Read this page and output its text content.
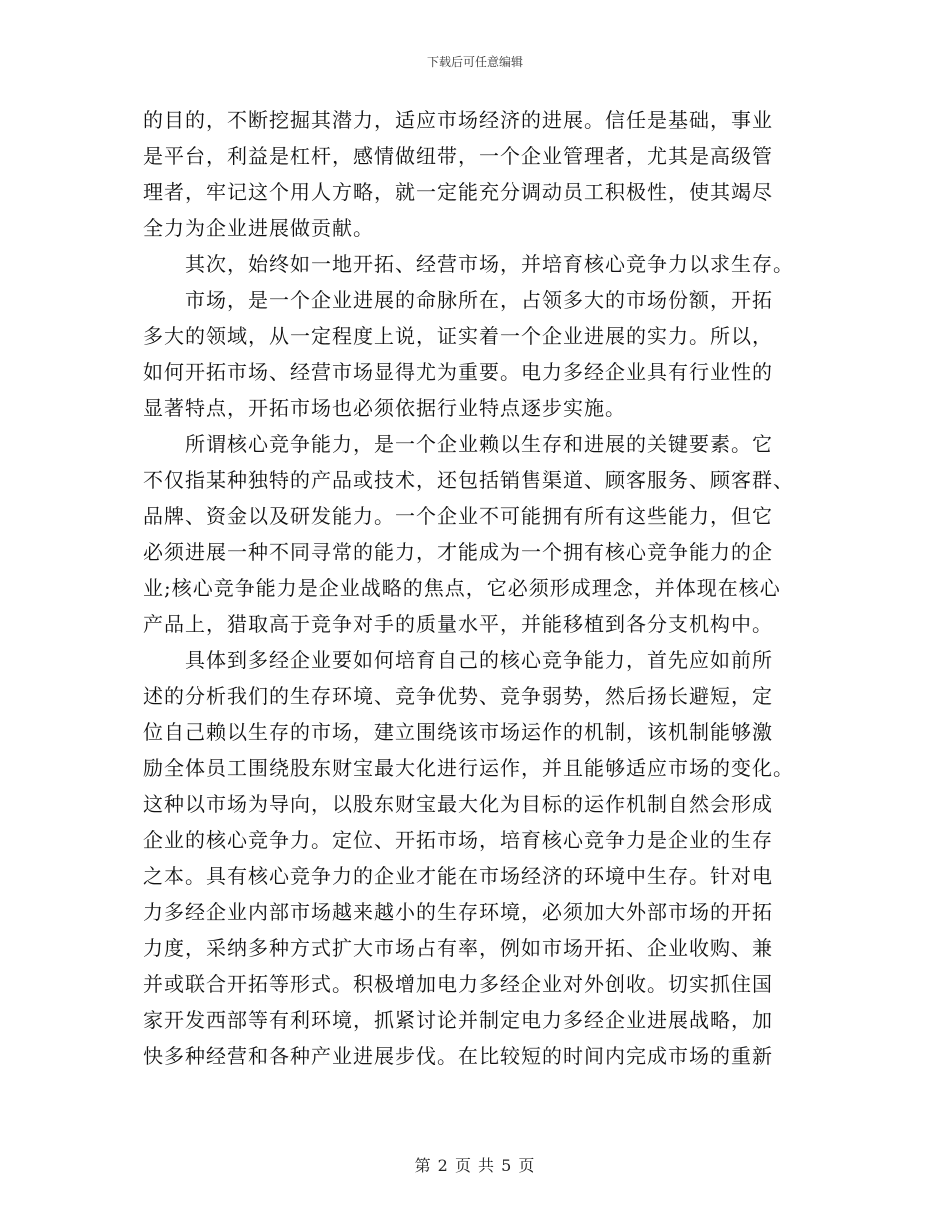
下载后可任意编辑
的目的，不断挖掘其潜力，适应市场经济的进展。信任是基础，事业
是平台，利益是杠杆，感情做纽带，一个企业管理者，尤其是高级管
理者，牢记这个用人方略，就一定能充分调动员工积极性，使其竭尽
全力为企业进展做贡献。
其次，始终如一地开拓、经营市场，并培育核心竞争力以求生存。
市场，是一个企业进展的命脉所在，占领多大的市场份额，开拓
多大的领域，从一定程度上说，证实着一个企业进展的实力。所以，
如何开拓市场、经营市场显得尤为重要。电力多经企业具有行业性的
显著特点，开拓市场也必须依据行业特点逐步实施。
所谓核心竞争能力，是一个企业赖以生存和进展的关键要素。它
不仅指某种独特的产品或技术，还包括销售渠道、顾客服务、顾客群、
品牌、资金以及研发能力。一个企业不可能拥有所有这些能力，但它
必须进展一种不同寻常的能力，才能成为一个拥有核心竞争能力的企
业;核心竞争能力是企业战略的焦点，它必须形成理念，并体现在核心
产品上，猎取高于竞争对手的质量水平，并能移植到各分支机构中。
具体到多经企业要如何培育自己的核心竞争能力，首先应如前所
述的分析我们的生存环境、竞争优势、竞争弱势，然后扬长避短，定
位自己赖以生存的市场，建立围绕该市场运作的机制，该机制能够激
励全体员工围绕股东财宝最大化进行运作，并且能够适应市场的变化。
这种以市场为导向，以股东财宝最大化为目标的运作机制自然会形成
企业的核心竞争力。定位、开拓市场，培育核心竞争力是企业的生存
之本。具有核心竞争力的企业才能在市场经济的环境中生存。针对电
力多经企业内部市场越来越小的生存环境，必须加大外部市场的开拓
力度，采纳多种方式扩大市场占有率，例如市场开拓、企业收购、兼
并或联合开拓等形式。积极增加电力多经企业对外创收。切实抓住国
家开发西部等有利环境，抓紧讨论并制定电力多经企业进展战略，加
快多种经营和各种产业进展步伐。在比较短的时间内完成市场的重新
第 2 页 共 5 页
